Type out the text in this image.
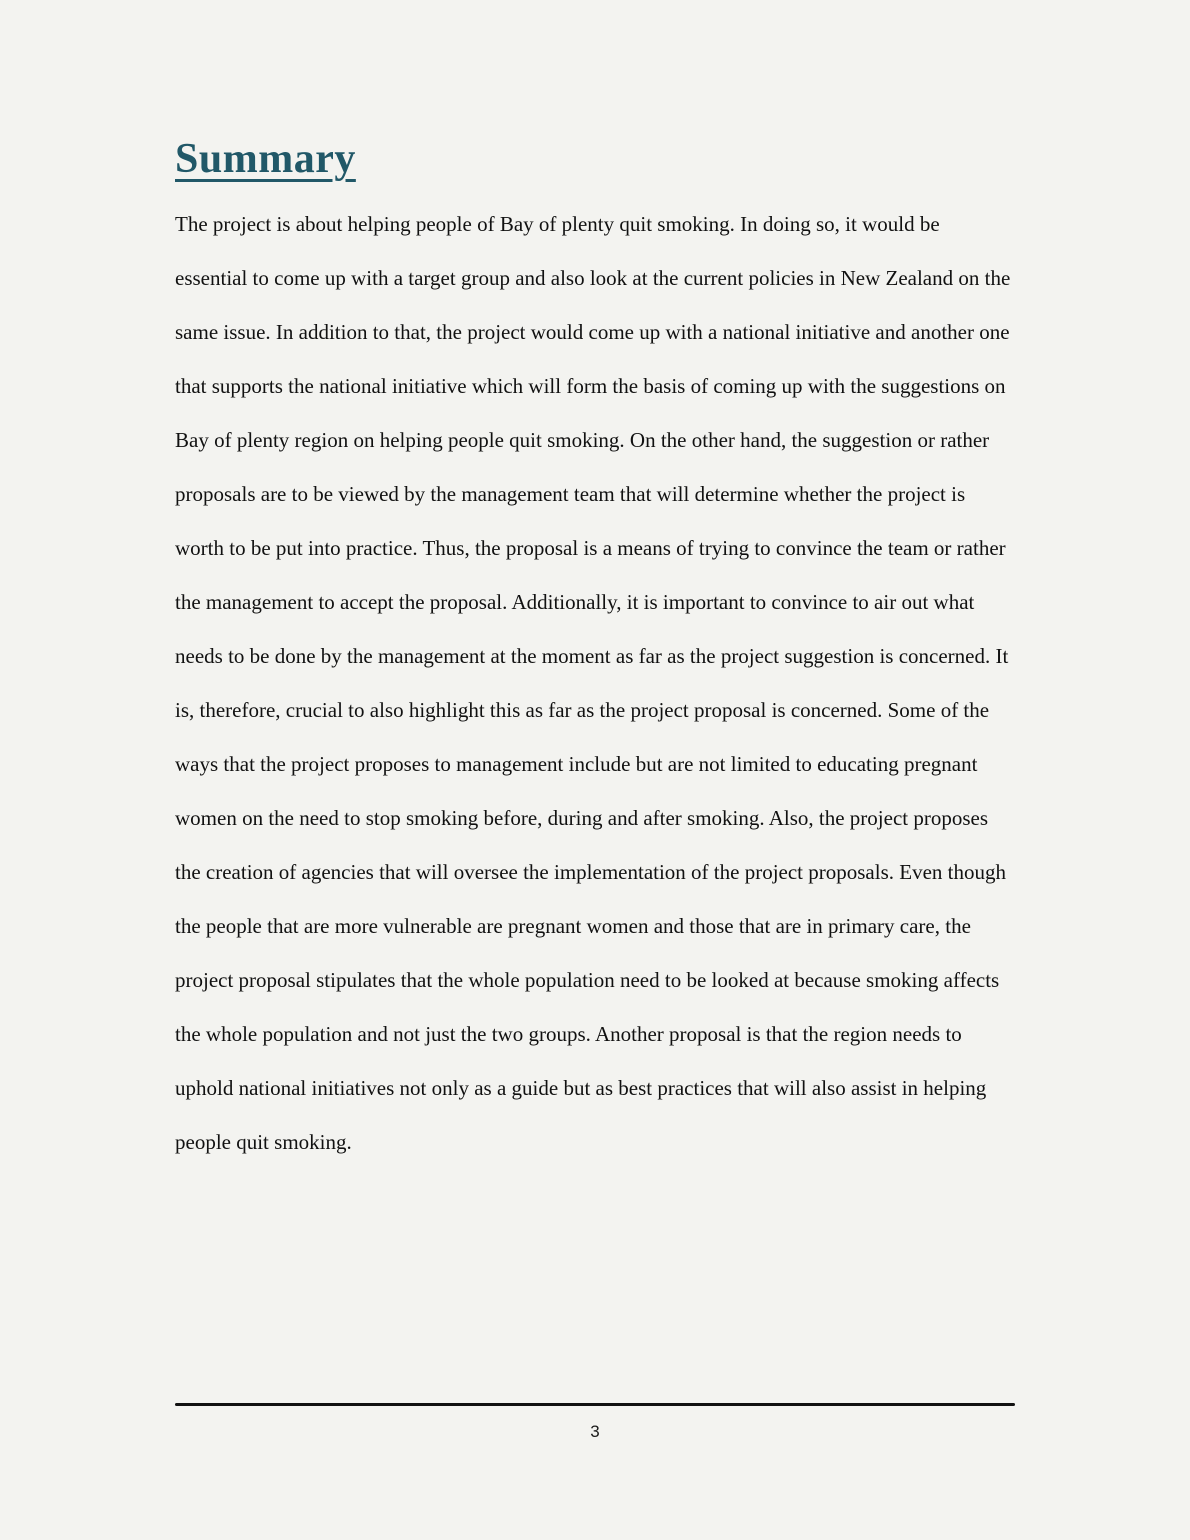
Summary

The project is about helping people of Bay of plenty quit smoking. In doing so, it would be essential to come up with a target group and also look at the current policies in New Zealand on the same issue. In addition to that, the project would come up with a national initiative and another one that supports the national initiative which will form the basis of coming up with the suggestions on Bay of plenty region on helping people quit smoking. On the other hand, the suggestion or rather proposals are to be viewed by the management team that will determine whether the project is worth to be put into practice. Thus, the proposal is a means of trying to convince the team or rather the management to accept the proposal. Additionally, it is important to convince to air out what needs to be done by the management at the moment as far as the project suggestion is concerned. It is, therefore, crucial to also highlight this as far as the project proposal is concerned. Some of the ways that the project proposes to management include but are not limited to educating pregnant women on the need to stop smoking before, during and after smoking. Also, the project proposes the creation of agencies that will oversee the implementation of the project proposals. Even though the people that are more vulnerable are pregnant women and those that are in primary care, the project proposal stipulates that the whole population need to be looked at because smoking affects the whole population and not just the two groups. Another proposal is that the region needs to uphold national initiatives not only as a guide but as best practices that will also assist in helping people quit smoking.

3
